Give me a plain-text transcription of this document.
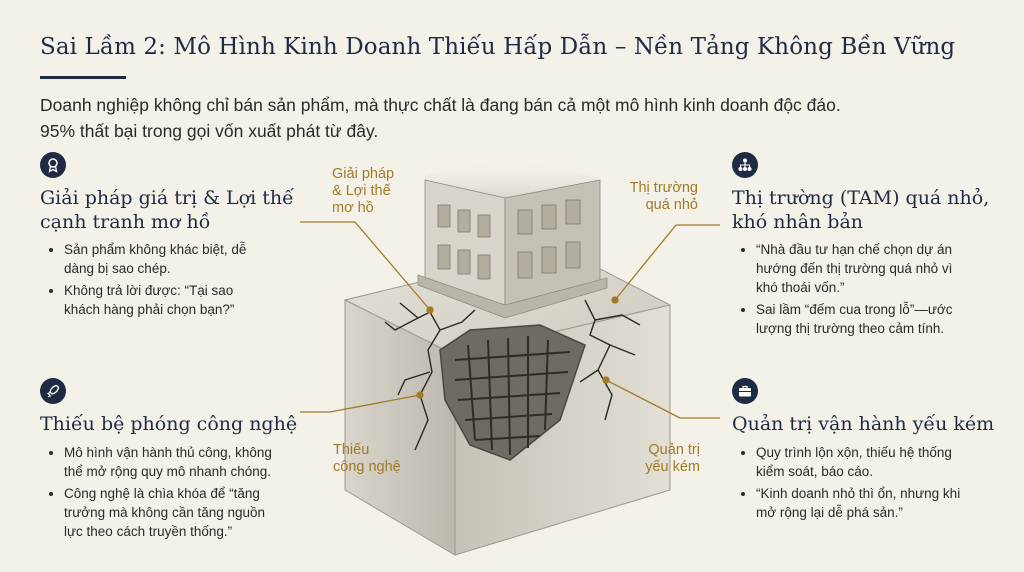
Sai Lầm 2: Mô Hình Kinh Doanh Thiếu Hấp Dẫn – Nền Tảng Không Bền Vững
Doanh nghiệp không chỉ bán sản phẩm, mà thực chất là đang bán cả một mô hình kinh doanh độc đáo.
95% thất bại trong gọi vốn xuất phát từ đây.
Giải pháp giá trị & Lợi thế
cạnh tranh mơ hồ
• Sản phẩm không khác biệt, dễ
dàng bị sao chép.
• Không trả lời được: “Tại sao
khách hàng phải chọn bạn?”
Thị trường (TAM) quá nhỏ,
khó nhân bản
• “Nhà đầu tư hạn chế chọn dự án
hướng đến thị trường quá nhỏ vì
khó thoái vốn.”
• Sai lầm “đếm cua trong lỗ”—ước
lượng thị trường theo cảm tính.
Thiếu bệ phóng công nghệ
• Mô hình vận hành thủ công, không
thể mở rộng quy mô nhanh chóng.
• Công nghệ là chìa khóa để “tăng
trưởng mà không cần tăng nguồn
lực theo cách truyền thống.”
Quản trị vận hành yếu kém
• Quy trình lộn xộn, thiếu hệ thống
kiểm soát, báo cáo.
• “Kinh doanh nhỏ thì ổn, nhưng khi
mở rộng lại dễ phá sản.”
Giải pháp
& Lợi thế
mơ hồ
Thị trường
quá nhỏ
Thiếu
công nghệ
Quản trị
yếu kém
